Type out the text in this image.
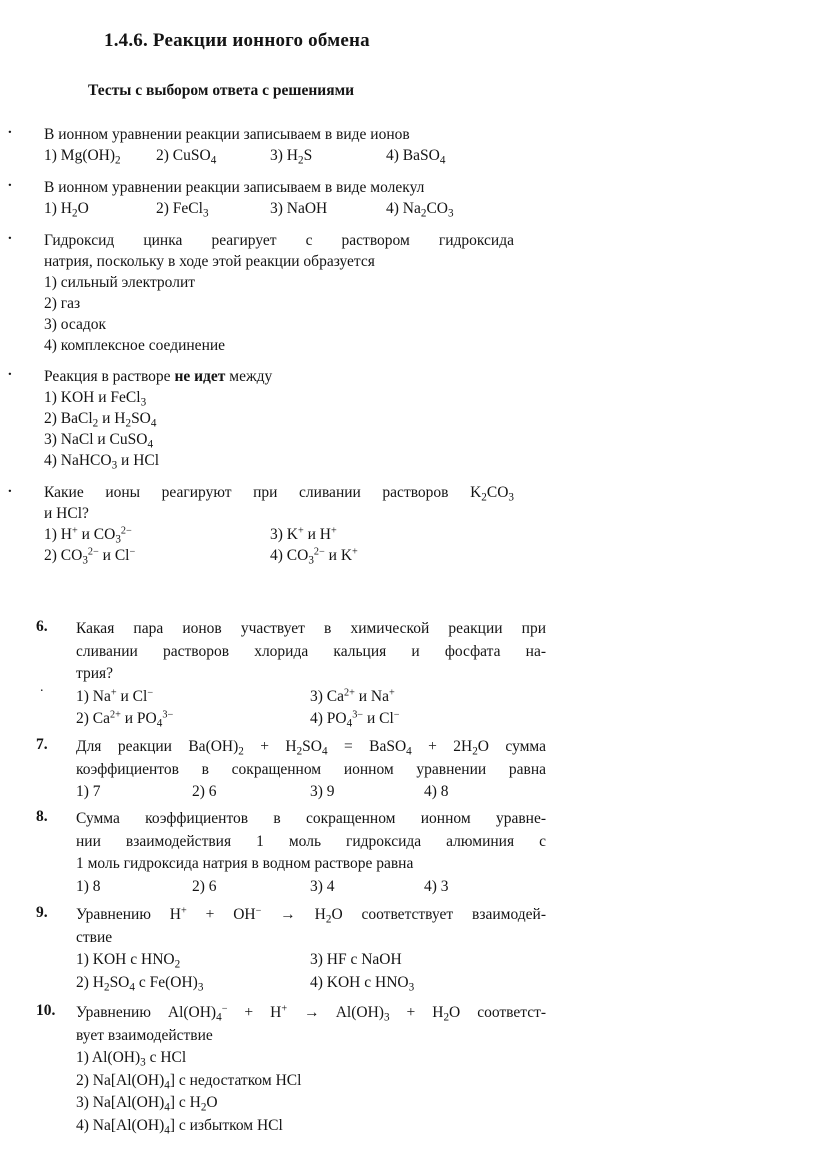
1.4.6. Реакции ионного обмена
Тесты с выбором ответа с решениями
. В ионном уравнении реакции записываем в виде ионов
1) $Mg(OH)_2$ 2) CuSO$_4$	3) $H_2S$	4) BaSO$_4$
. В ионном уравнении реакции записываем в виде молекул
1) $H_2O$	2) FeCl$_3$	3) NaOH	4) $Na_2CO_3$
. Гидроксид цинка реагирует с раствором гидроксида
натрия, поскольку в ходе этой реакции образуется
1) сильный электролит
2) газ
3) осадок
4) комплексное соединение
. Реакция в растворе не идет между
1) KOH и FeCl$_3$
2) BaCl$_2$ и $H_2SO_4$
3) NaCl и CuSO$_4$
4) NaHCO$_3$ и HCl
. Какие ионы реагируют при сливании растворов $K_2CO_3$
и HCl?
1) H+ и $CO_3^{2-}$	3) K+ и H+
2) $CO_3^{2-}$ и Cl−	4) $CO_3^{2-}$ и K+
6. Какая пара ионов участвует в химической реакции при
сливании растворов хлорида кальция и фосфата на-
трия?
1) Na+ и Cl−	3) $Ca^{2+}$ и Na+
2) $Ca^{2+}$ и $PO_4^{3-}$	4) $PO_4^{3-}$ и Cl−
7. Для реакции $Ba(OH)_2 + H_2SO_4$ = BaSO$_4$ + $2H_2O$ сумма
коэффициентов в сокращенном ионном уравнении равна
1) 7	2) 6	3) 9	4) 8
8. Сумма коэффициентов в сокращенном ионном уравне-
нии взаимодействия 1 моль гидроксида алюминия с
1 моль гидроксида натрия в водном растворе равна
1) 8	2) 6	3) 4	4) 3
9. Уравнению $H^+ + OH^- \to H_2O$ соответствует взаимодей-
ствие
1) KOH с $HNO_2$	3) HF с NaOH
2) $H_2SO_4$ с $Fe(OH)_3$	4) KOH с $HNO_3$
10. Уравнению $Al(OH)_4^- + H^+ \to Al(OH)_3 + H_2O$ соответст-
вует взаимодействие
1) $Al(OH)_3$ с HCl
2) $Na[Al(OH)_4]$ с недостатком HCl
3) $Na[Al(OH)_4]$ с $H_2O$
4) $Na[Al(OH)_4]$ с избытком HCl
.
